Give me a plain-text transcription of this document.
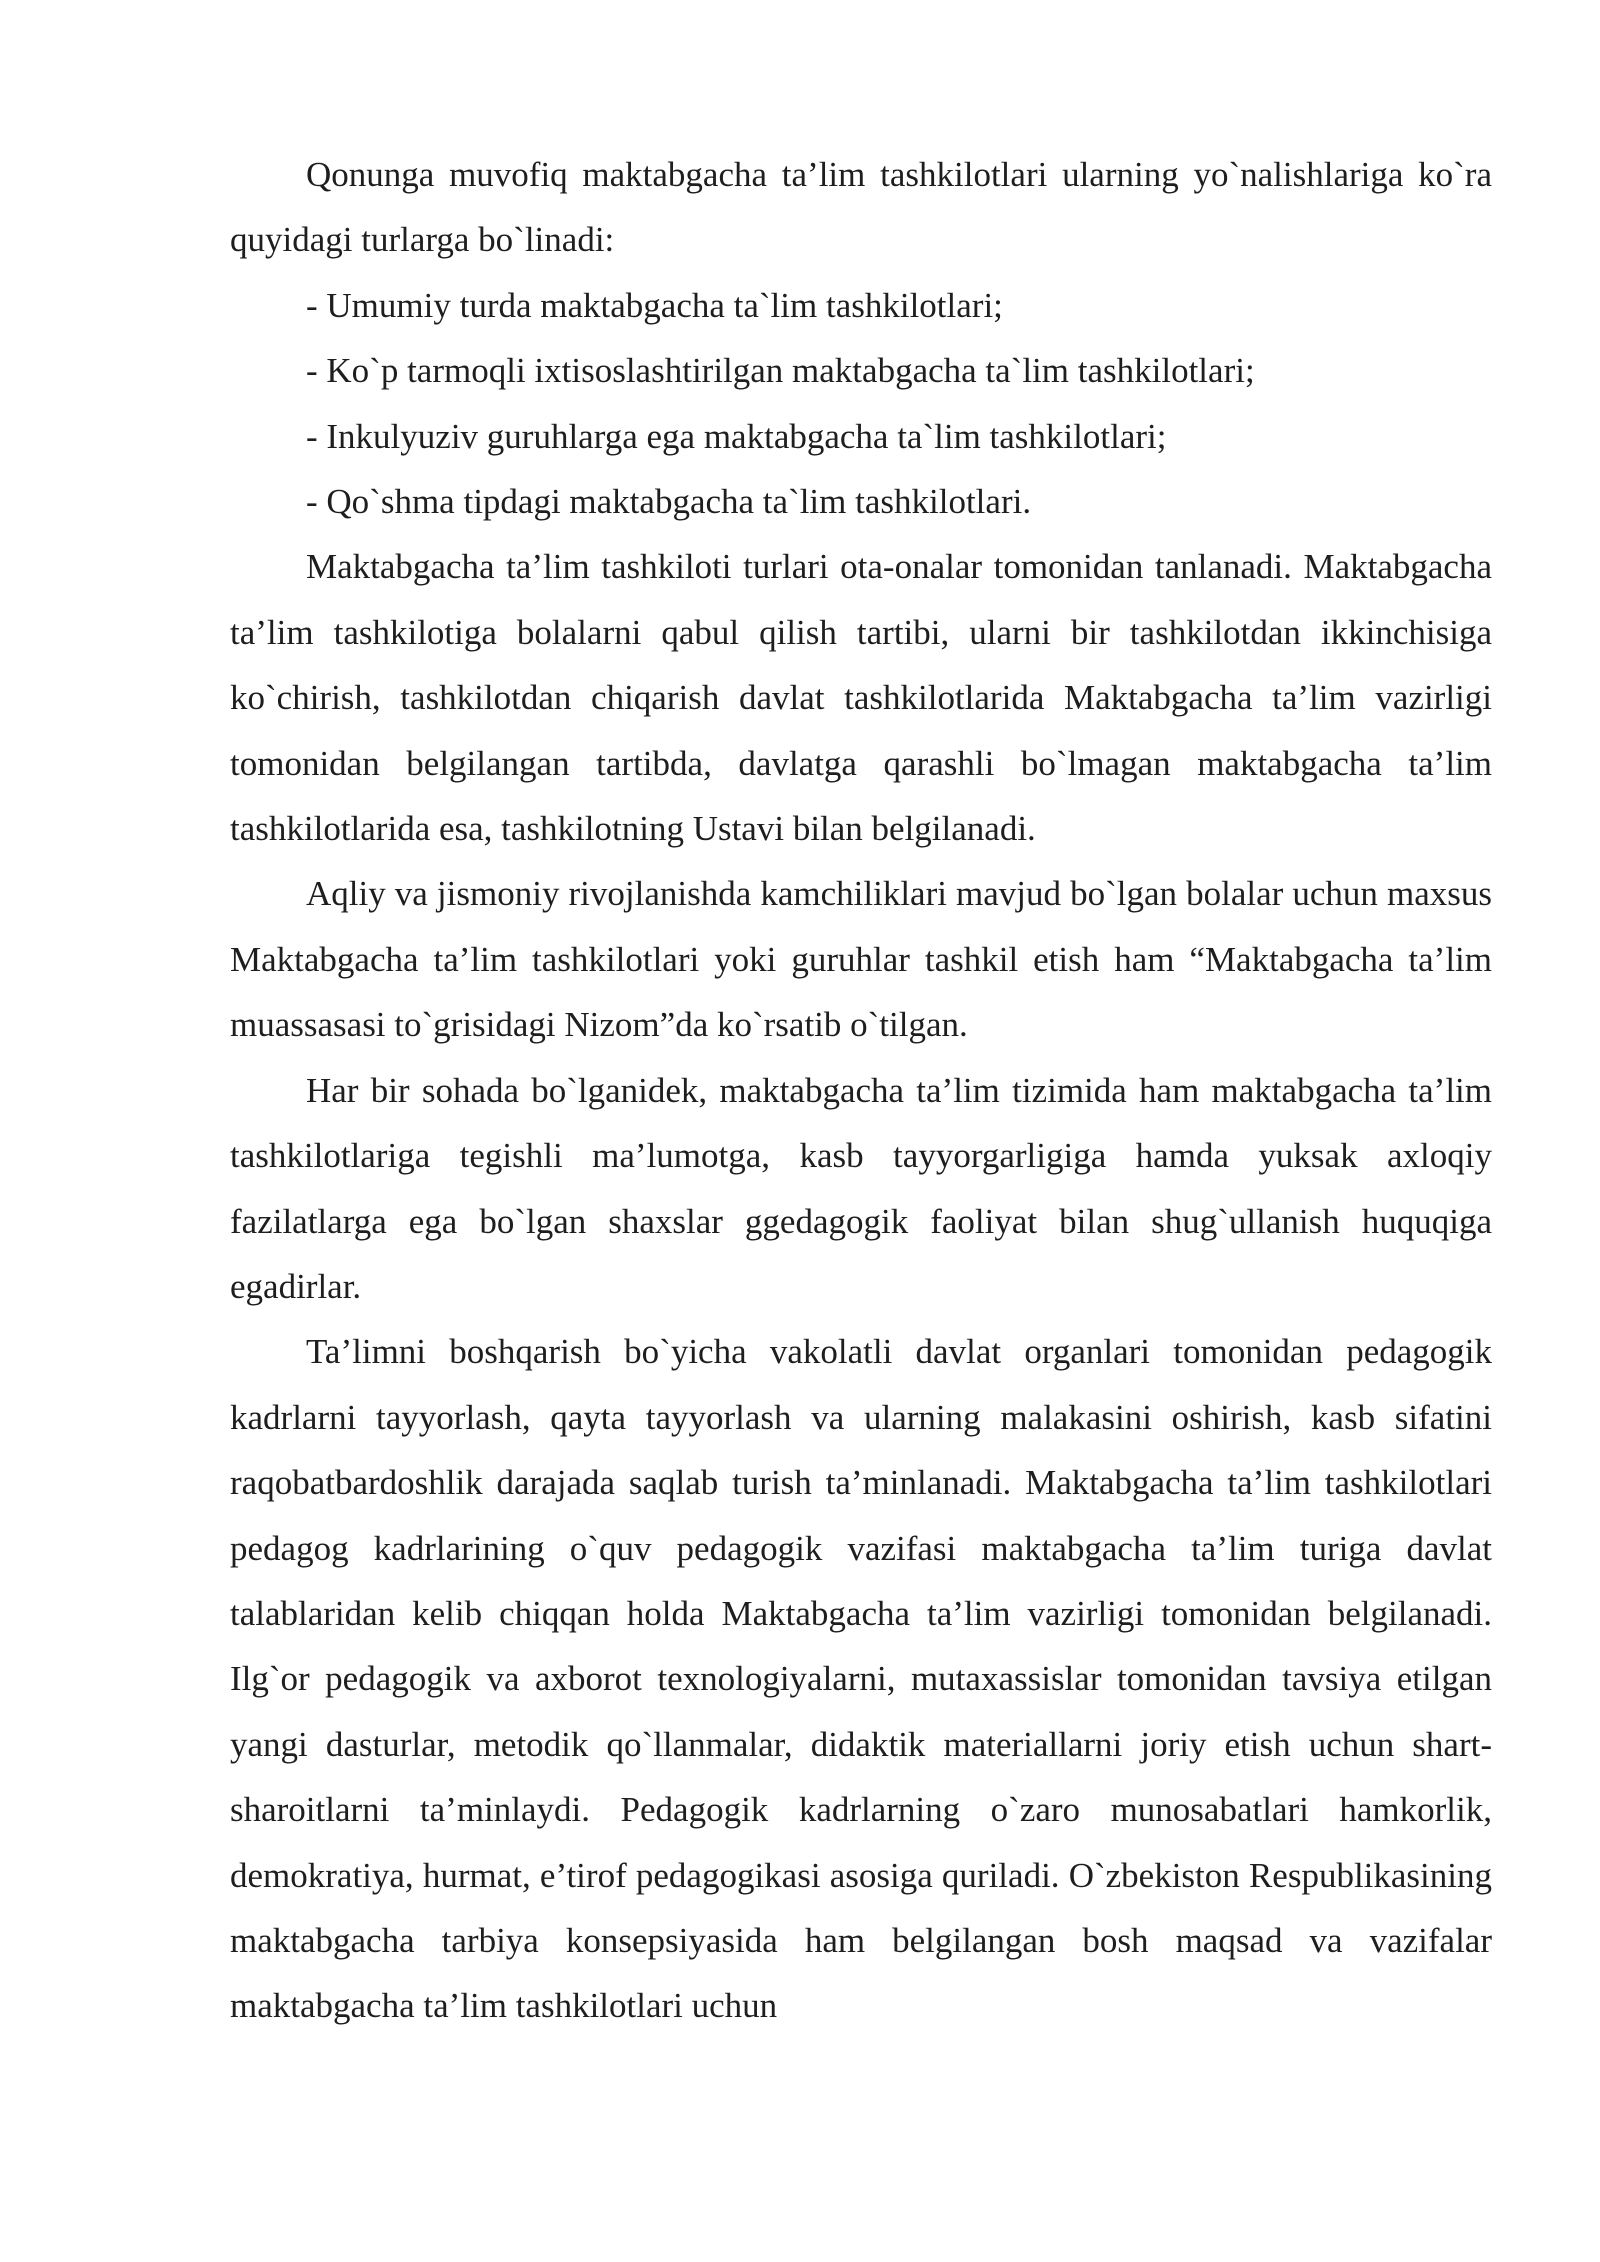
Qonunga muvofiq maktabgacha ta’lim tashkilotlari ularning yo`nalishlariga ko`ra quyidagi turlarga bo`linadi:

- Umumiy turda maktabgacha ta`lim tashkilotlari;

- Ko`p tarmoqli ixtisoslashtirilgan maktabgacha ta`lim tashkilotlari;

- Inkulyuziv guruhlarga ega maktabgacha ta`lim tashkilotlari;

- Qo`shma tipdagi maktabgacha ta`lim tashkilotlari.

Maktabgacha ta’lim tashkiloti turlari ota-onalar tomonidan tanlanadi. Maktabgacha ta’lim tashkilotiga bolalarni qabul qilish tartibi, ularni bir tashkilotdan ikkinchisiga ko`chirish, tashkilotdan chiqarish davlat tashkilotlarida Maktabgacha ta’lim vazirligi tomonidan belgilangan tartibda, davlatga qarashli bo`lmagan maktabgacha ta’lim tashkilotlarida esa, tashkilotning Ustavi bilan belgilanadi.

Aqliy va jismoniy rivojlanishda kamchiliklari mavjud bo`lgan bolalar uchun maxsus Maktabgacha ta’lim tashkilotlari yoki guruhlar tashkil etish ham “Maktabgacha ta’lim muassasasi to`grisidagi Nizom”da ko`rsatib o`tilgan.

Har bir sohada bo`lganidek, maktabgacha ta’lim tizimida ham maktabgacha ta’lim tashkilotlariga tegishli ma’lumotga, kasb tayyorgarligiga hamda yuksak axloqiy fazilatlarga ega bo`lgan shaxslar ggedagogik faoliyat bilan shug`ullanish huquqiga egadirlar.

Ta’limni boshqarish bo`yicha vakolatli davlat organlari tomonidan pedagogik kadrlarni tayyorlash, qayta tayyorlash va ularning malakasini oshirish, kasb sifatini raqobatbardoshlik darajada saqlab turish ta’minlanadi. Maktabgacha ta’lim tashkilotlari pedagog kadrlarining o`quv pedagogik vazifasi maktabgacha ta’lim turiga davlat talablaridan kelib chiqqan holda Maktabgacha ta’lim vazirligi tomonidan belgilanadi. Ilg`or pedagogik va axborot texnologiyalarni, mutaxassislar tomonidan tavsiya etilgan yangi dasturlar, metodik qo`llanmalar, didaktik materiallarni joriy etish uchun shart-sharoitlarni ta’minlaydi. Pedagogik kadrlarning o`zaro munosabatlari hamkorlik, demokratiya, hurmat, e’tirof pedagogikasi asosiga quriladi. O`zbekiston Respublikasining maktabgacha tarbiya konsepsiyasida ham belgilangan bosh maqsad va vazifalar maktabgacha ta’lim tashkilotlari uchun
